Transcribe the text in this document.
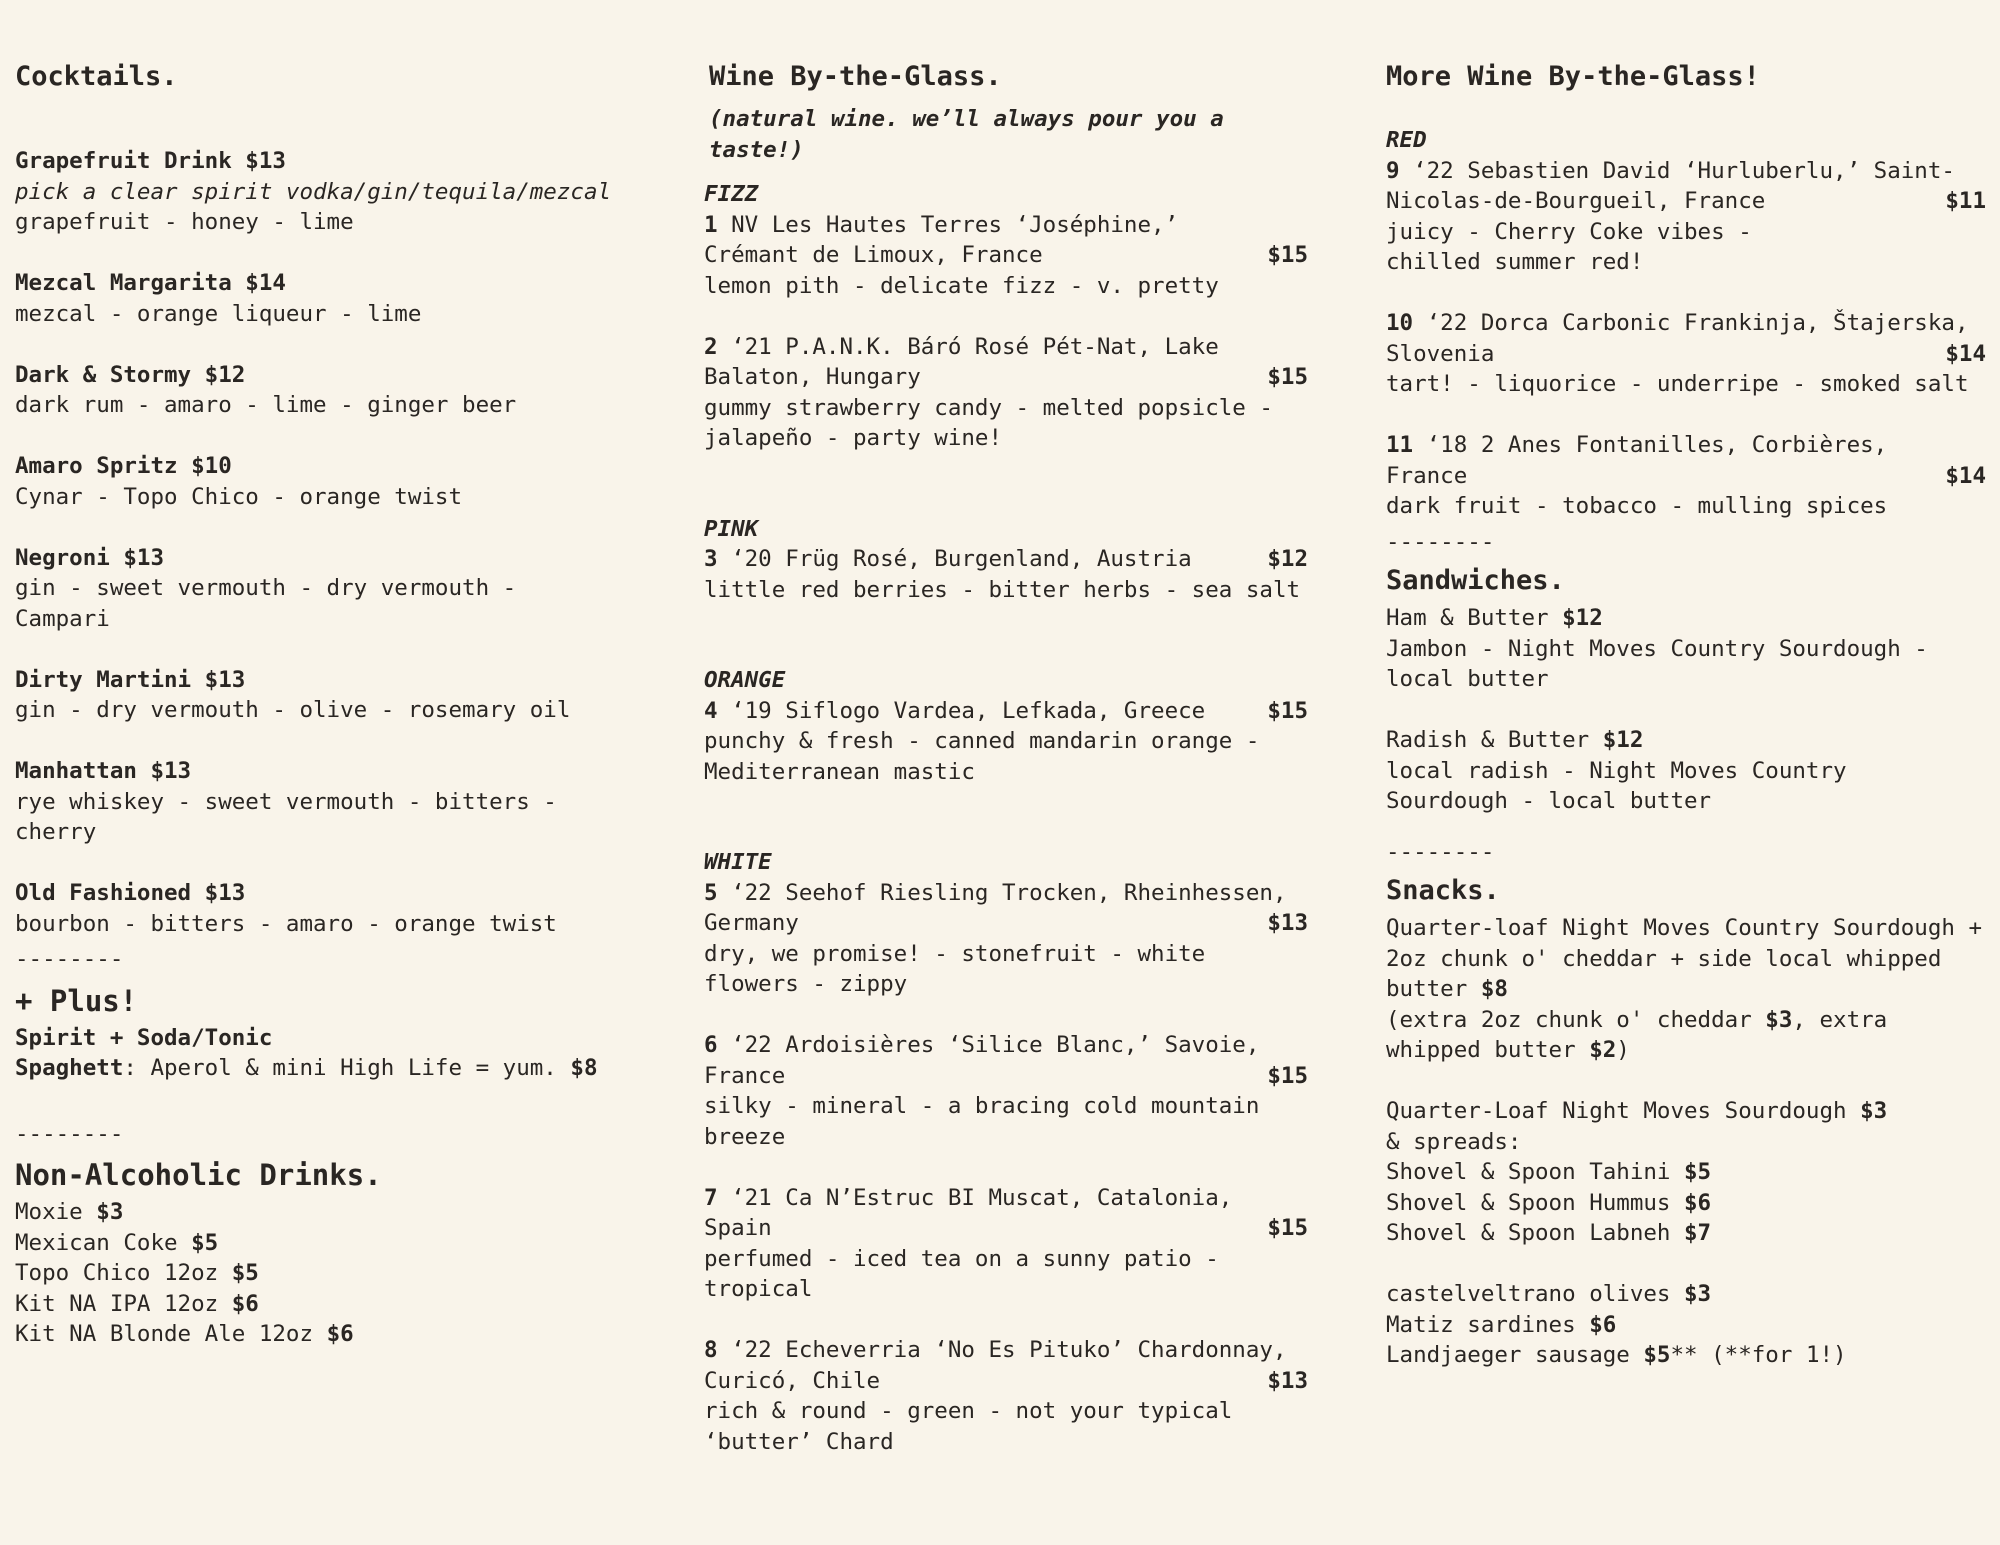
Cocktails.

Grapefruit Drink $13

pick a clear spirit vodka/gin/tequila/mezcal

grapefruit - honey - lime

Mezcal Margarita $14

mezcal - orange liqueur - lime

Dark & Stormy $12

dark rum - amaro - lime - ginger beer

Amaro Spritz $10

Cynar - Topo Chico - orange twist

Negroni $13

gin - sweet vermouth - dry vermouth - Campari

Dirty Martini $13

gin - dry vermouth - olive - rosemary oil

Manhattan $13

rye whiskey - sweet vermouth - bitters - cherry

Old Fashioned $13

bourbon - bitters - amaro - orange twist

--------

+ Plus!

Spirit + Soda/Tonic

Spaghett: Aperol & mini High Life = yum. $8

--------

Non-Alcoholic Drinks.

Moxie $3

Mexican Coke $5

Topo Chico 12oz $5

Kit NA IPA 12oz $6

Kit NA Blonde Ale 12oz $6

Wine By-the-Glass.

(natural wine. we’ll always pour you a taste!)

FIZZ

1 NV Les Hautes Terres ‘Joséphine,’

Crémant de Limoux, France	$15

lemon pith - delicate fizz - v. pretty

2 ‘21 P.A.N.K. Báró Rosé Pét-Nat, Lake

Balaton, Hungary	$15

gummy strawberry candy - melted popsicle -

jalapeño - party wine!

PINK

3 ‘20 Früg Rosé, Burgenland, Austria	$12

little red berries - bitter herbs - sea salt

ORANGE

4 ‘19 Siflogo Vardea, Lefkada, Greece	$15

punchy & fresh - canned mandarin orange -

Mediterranean mastic

WHITE

5 ‘22 Seehof Riesling Trocken, Rheinhessen,

Germany	$13

dry, we promise! - stonefruit - white

flowers - zippy

6 ‘22 Ardoisières ‘Silice Blanc,’ Savoie,

France	$15

silky - mineral - a bracing cold mountain

breeze

7 ‘21 Ca N’Estruc BI Muscat, Catalonia,

Spain	$15

perfumed - iced tea on a sunny patio -

tropical

8 ‘22 Echeverria ‘No Es Pituko’ Chardonnay,

Curicó, Chile	$13

rich & round - green - not your typical

‘butter’ Chard

More Wine By-the-Glass!

RED

9 ‘22 Sebastien David ‘Hurluberlu,’ Saint-

Nicolas-de-Bourgueil, France	$11

juicy - Cherry Coke vibes -

chilled summer red!

10 ‘22 Dorca Carbonic Frankinja, Štajerska,

Slovenia	$14

tart! - liquorice - underripe - smoked salt

11 ‘18 2 Anes Fontanilles, Corbières,

France	$14

dark fruit - tobacco - mulling spices

--------

Sandwiches.

Ham & Butter $12

Jambon - Night Moves Country Sourdough -

local butter

Radish & Butter $12

local radish - Night Moves Country

Sourdough - local butter

--------

Snacks.

Quarter-loaf Night Moves Country Sourdough +

2oz chunk o' cheddar + side local whipped

butter $8

(extra 2oz chunk o' cheddar $3, extra

whipped butter $2)

Quarter-Loaf Night Moves Sourdough $3

& spreads:

Shovel & Spoon Tahini $5

Shovel & Spoon Hummus $6

Shovel & Spoon Labneh $7

castelveltrano olives $3

Matiz sardines $6

Landjaeger sausage $5** (**for 1!)
